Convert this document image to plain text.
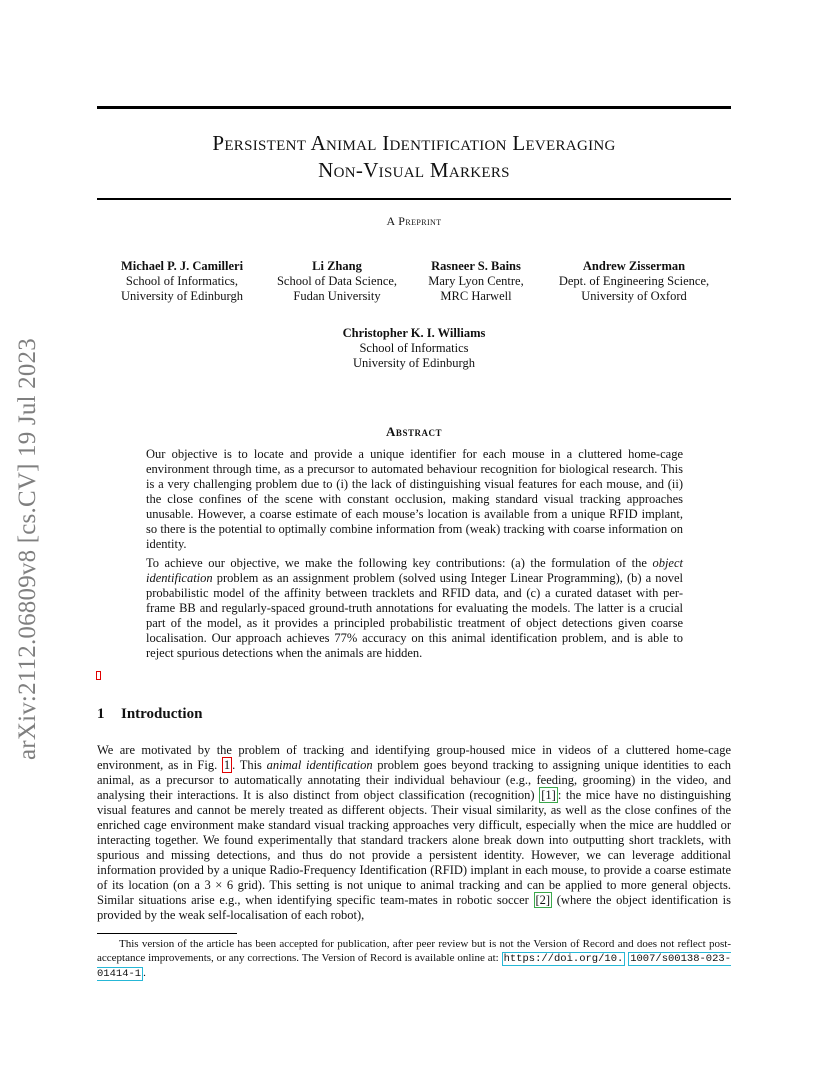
Persistent Animal Identification Leveraging
Non-Visual Markers
A Preprint
arXiv:2112.06809v8 [cs.CV] 19 Jul 2023
Michael P. J. Camilleri
School of Informatics,
University of Edinburgh
Li Zhang
School of Data Science,
Fudan University
Rasneer S. Bains
Mary Lyon Centre,
MRC Harwell
Andrew Zisserman
Dept. of Engineering Science,
University of Oxford
Christopher K. I. Williams
School of Informatics
University of Edinburgh
Abstract

Our objective is to locate and provide a unique identifier for each mouse in a cluttered home-cage environment through time, as a precursor to automated behaviour recognition for biological research. This is a very challenging problem due to (i) the lack of distinguishing visual features for each mouse, and (ii) the close confines of the scene with constant occlusion, making standard visual tracking approaches unusable. However, a coarse estimate of each mouse’s location is available from a unique RFID implant, so there is the potential to optimally combine information from (weak) tracking with coarse information on identity.

To achieve our objective, we make the following key contributions: (a) the formulation of the object identification problem as an assignment problem (solved using Integer Linear Programming), (b) a novel probabilistic model of the affinity between tracklets and RFID data, and (c) a curated dataset with per-frame BB and regularly-spaced ground-truth annotations for evaluating the models. The latter is a crucial part of the model, as it provides a principled probabilistic treatment of object detections given coarse localisation. Our approach achieves 77% accuracy on this animal identification problem, and is able to reject spurious detections when the animals are hidden.

1 Introduction

We are motivated by the problem of tracking and identifying group-housed mice in videos of a cluttered home-cage environment, as in Fig. 1 . This animal identification problem goes beyond tracking to assigning unique identities to each animal, as a precursor to automatically annotating their individual behaviour (e.g., feeding, grooming) in the video, and analysing their interactions. It is also distinct from object classification (recognition) [1] : the mice have no distinguishing visual features and cannot be merely treated as different objects. Their visual similarity, as well as the close confines of the enriched cage environment make standard visual tracking approaches very difficult, especially when the mice are huddled or interacting together. We found experimentally that standard trackers alone break down into outputting short tracklets, with spurious and missing detections, and thus do not provide a persistent identity. However, we can leverage additional information provided by a unique Radio-Frequency Identification (RFID) implant in each mouse, to provide a coarse estimate of its location (on a 3 × 6 grid). This setting is not unique to animal tracking and can be applied to more general objects. Similar situations arise e.g., when identifying specific team-mates in robotic soccer [2] (where the object identification is provided by the weak self-localisation of each robot),

This version of the article has been accepted for publication, after peer review but is not the Version of Record and does not reflect post-acceptance improvements, or any corrections. The Version of Record is available online at: https://doi.org/10. 1007/s00138-023-01414-1 .
